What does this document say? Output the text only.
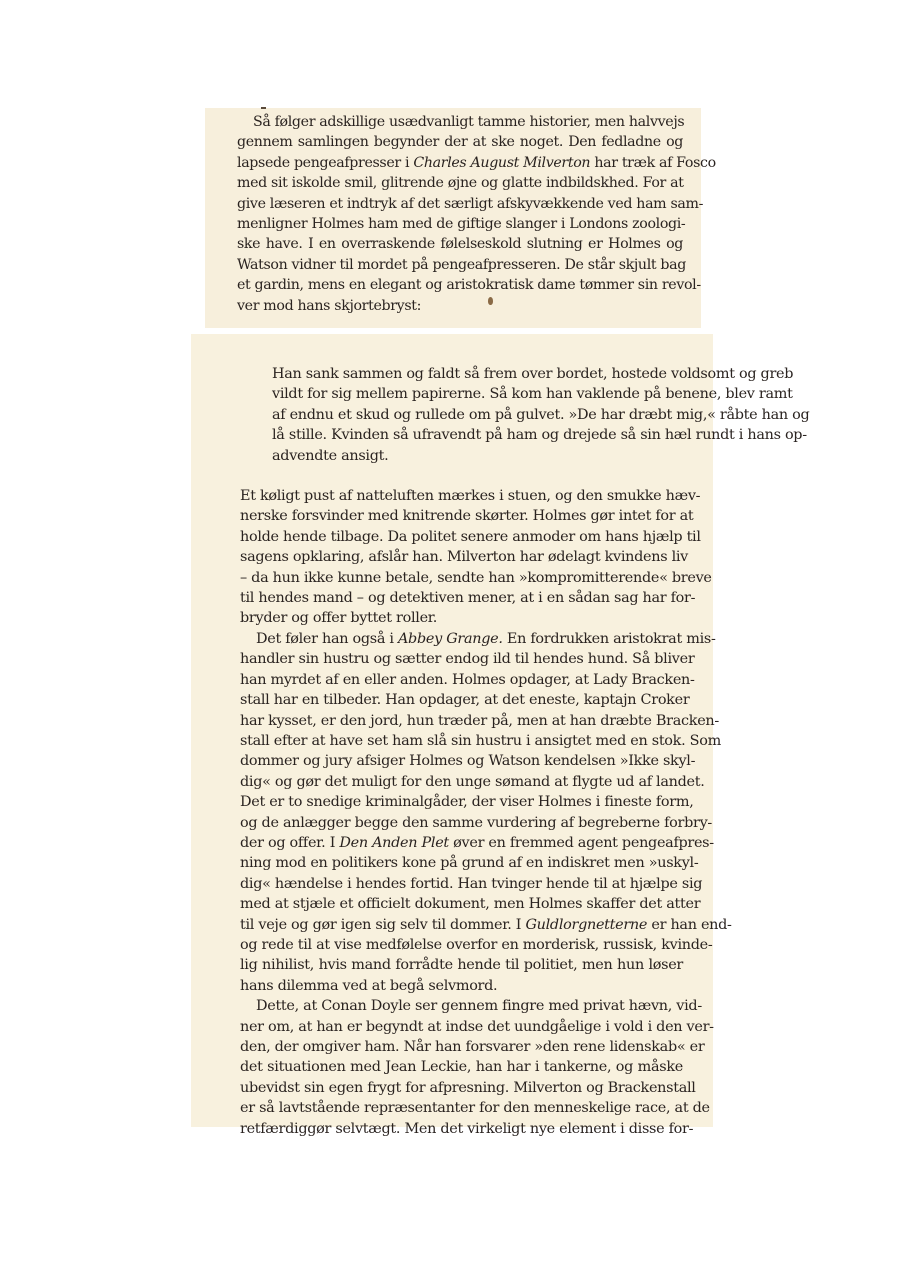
Så følger adskillige usædvanligt tamme historier, men halvvejs
gennem samlingen begynder der at ske noget. Den fedladne og
lapsede pengeafpresser i Charles August Milverton har træk af Fosco
med sit iskolde smil, glitrende øjne og glatte indbildskhed. For at
give læseren et indtryk af det særligt afskyvækkende ved ham sam-
menligner Holmes ham med de giftige slanger i Londons zoologi-
ske have. I en overraskende følelseskold slutning er Holmes og
Watson vidner til mordet på pengeafpresseren. De står skjult bag
et gardin, mens en elegant og aristokratisk dame tømmer sin revol-
ver mod hans skjortebryst:
Han sank sammen og faldt så frem over bordet, hostede voldsomt og greb
vildt for sig mellem papirerne. Så kom han vaklende på benene, blev ramt
af endnu et skud og rullede om på gulvet. »De har dræbt mig,« råbte han og
lå stille. Kvinden så ufravendt på ham og drejede så sin hæl rundt i hans op-
advendte ansigt.
Et køligt pust af natteluften mærkes i stuen, og den smukke hæv-
nerske forsvinder med knitrende skørter. Holmes gør intet for at
holde hende tilbage. Da politet senere anmoder om hans hjælp til
sagens opklaring, afslår han. Milverton har ødelagt kvindens liv
– da hun ikke kunne betale, sendte han »kompromitterende« breve
til hendes mand – og detektiven mener, at i en sådan sag har for-
bryder og offer byttet roller.
Det føler han også i Abbey Grange. En fordrukken aristokrat mis-
handler sin hustru og sætter endog ild til hendes hund. Så bliver
han myrdet af en eller anden. Holmes opdager, at Lady Bracken-
stall har en tilbeder. Han opdager, at det eneste, kaptajn Croker
har kysset, er den jord, hun træder på, men at han dræbte Bracken-
stall efter at have set ham slå sin hustru i ansigtet med en stok. Som
dommer og jury afsiger Holmes og Watson kendelsen »Ikke skyl-
dig« og gør det muligt for den unge sømand at flygte ud af landet.
Det er to snedige kriminalgåder, der viser Holmes i fineste form,
og de anlægger begge den samme vurdering af begreberne forbry-
der og offer. I Den Anden Plet øver en fremmed agent pengeafpres-
ning mod en politikers kone på grund af en indiskret men »uskyl-
dig« hændelse i hendes fortid. Han tvinger hende til at hjælpe sig
med at stjæle et officielt dokument, men Holmes skaffer det atter
til veje og gør igen sig selv til dommer. I Guldlorgnetterne er han end-
og rede til at vise medfølelse overfor en morderisk, russisk, kvinde-
lig nihilist, hvis mand forrådte hende til politiet, men hun løser
hans dilemma ved at begå selvmord.
Dette, at Conan Doyle ser gennem fingre med privat hævn, vid-
ner om, at han er begyndt at indse det uundgåelige i vold i den ver-
den, der omgiver ham. Når han forsvarer »den rene lidenskab« er
det situationen med Jean Leckie, han har i tankerne, og måske
ubevidst sin egen frygt for afpresning. Milverton og Brackenstall
er så lavtstående repræsentanter for den menneskelige race, at de
retfærdiggør selvtægt. Men det virkeligt nye element i disse for-
